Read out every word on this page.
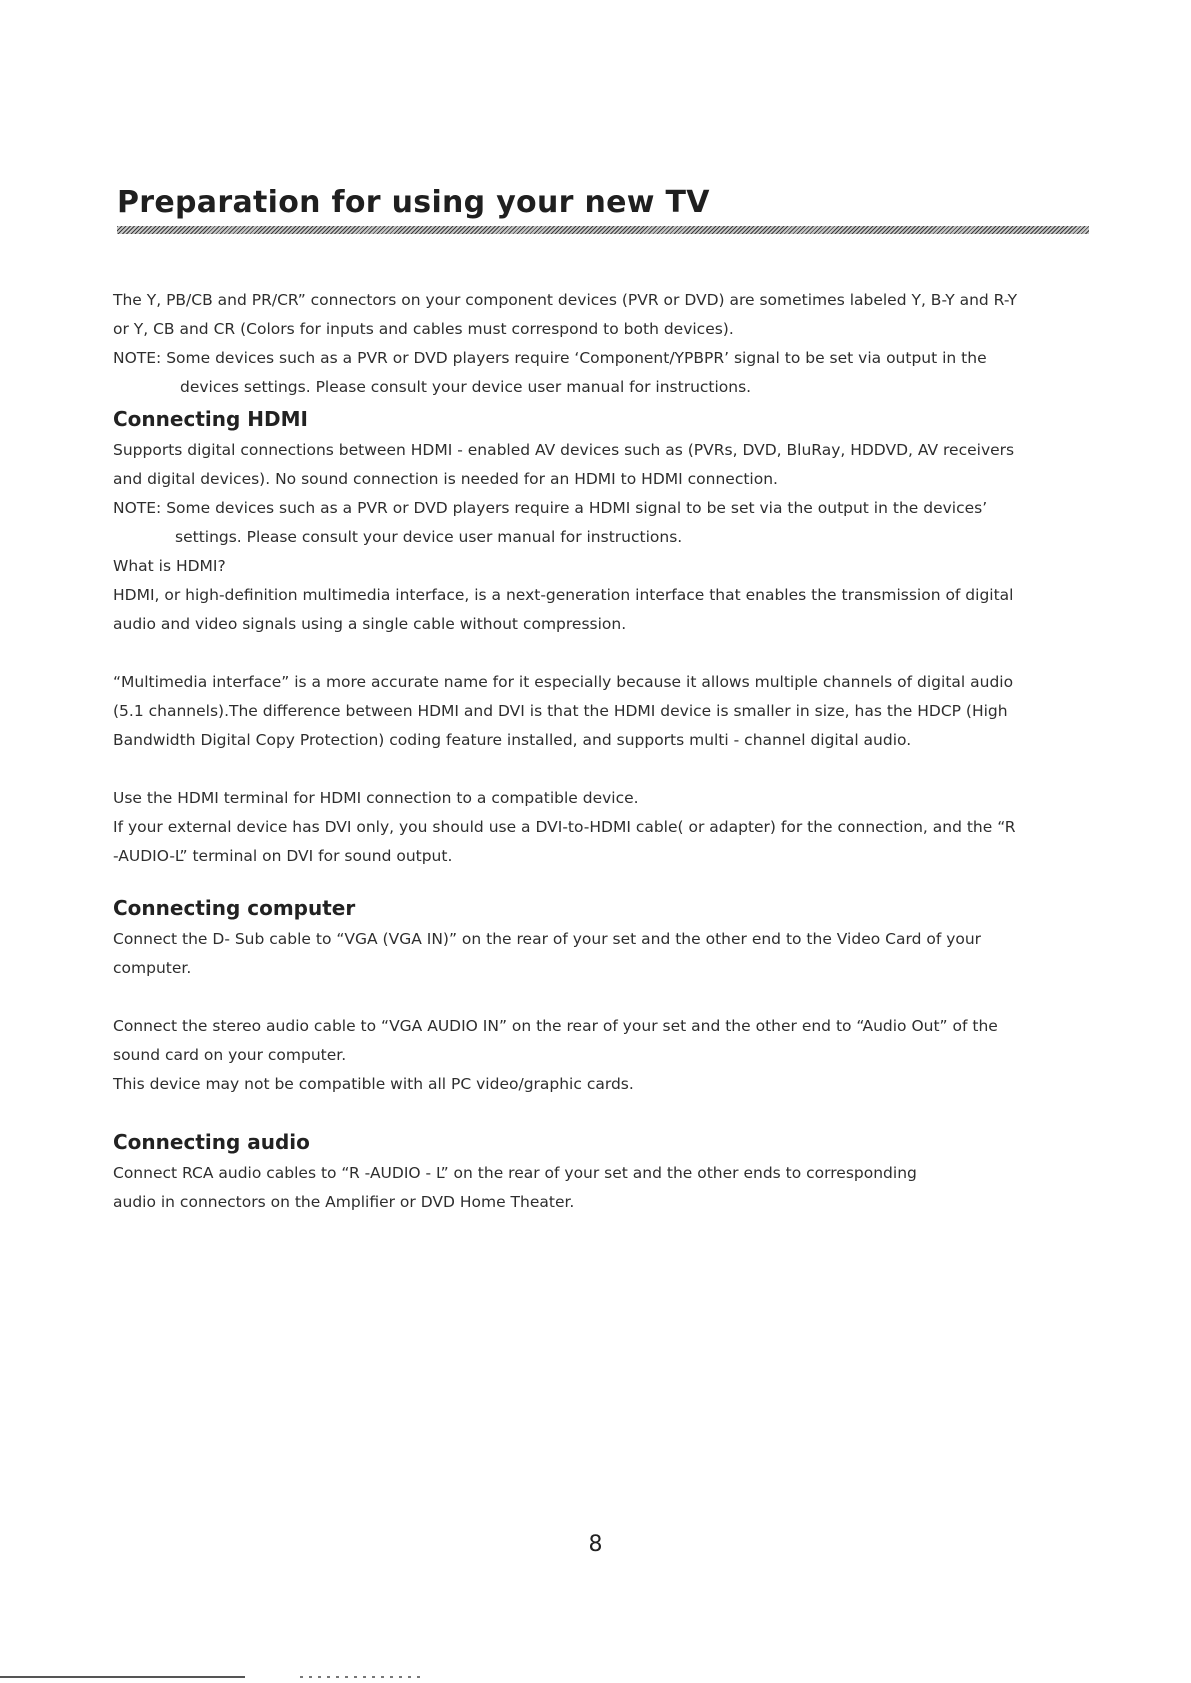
Preparation for using your new TV

The Y, PB/CB and PR/CR” connectors on your component devices (PVR or DVD) are sometimes labeled Y, B-Y and R-Y

or Y, CB and CR (Colors for inputs and cables must correspond to both devices).

NOTE: Some devices such as a PVR or DVD players require ‘Component/YPBPR’ signal to be set via output in the

devices settings. Please consult your device user manual for instructions.

Connecting HDMI

Supports digital connections between HDMI - enabled AV devices such as (PVRs, DVD, BluRay, HDDVD, AV receivers

and digital devices). No sound connection is needed for an HDMI to HDMI connection.

NOTE: Some devices such as a PVR or DVD players require a HDMI signal to be set via the output in the devices’

settings. Please consult your device user manual for instructions.

What is HDMI?

HDMI, or high-definition multimedia interface, is a next-generation interface that enables the transmission of digital

audio and video signals using a single cable without compression.

“Multimedia interface” is a more accurate name for it especially because it allows multiple channels of digital audio

(5.1 channels).The difference between HDMI and DVI is that the HDMI device is smaller in size, has the HDCP (High

Bandwidth Digital Copy Protection) coding feature installed, and supports multi - channel digital audio.

Use the HDMI terminal for HDMI connection to a compatible device.

If your external device has DVI only, you should use a DVI-to-HDMI cable( or adapter) for the connection, and the “R

-AUDIO-L” terminal on DVI for sound output.

Connecting computer

Connect the D- Sub cable to “VGA (VGA IN)” on the rear of your set and the other end to the Video Card of your

computer.

Connect the stereo audio cable to “VGA AUDIO IN” on the rear of your set and the other end to “Audio Out” of the

sound card on your computer.

This device may not be compatible with all PC video/graphic cards.

Connecting audio

Connect RCA audio cables to “R -AUDIO - L” on the rear of your set and the other ends to corresponding

audio in connectors on the Amplifier or DVD Home Theater.

8
